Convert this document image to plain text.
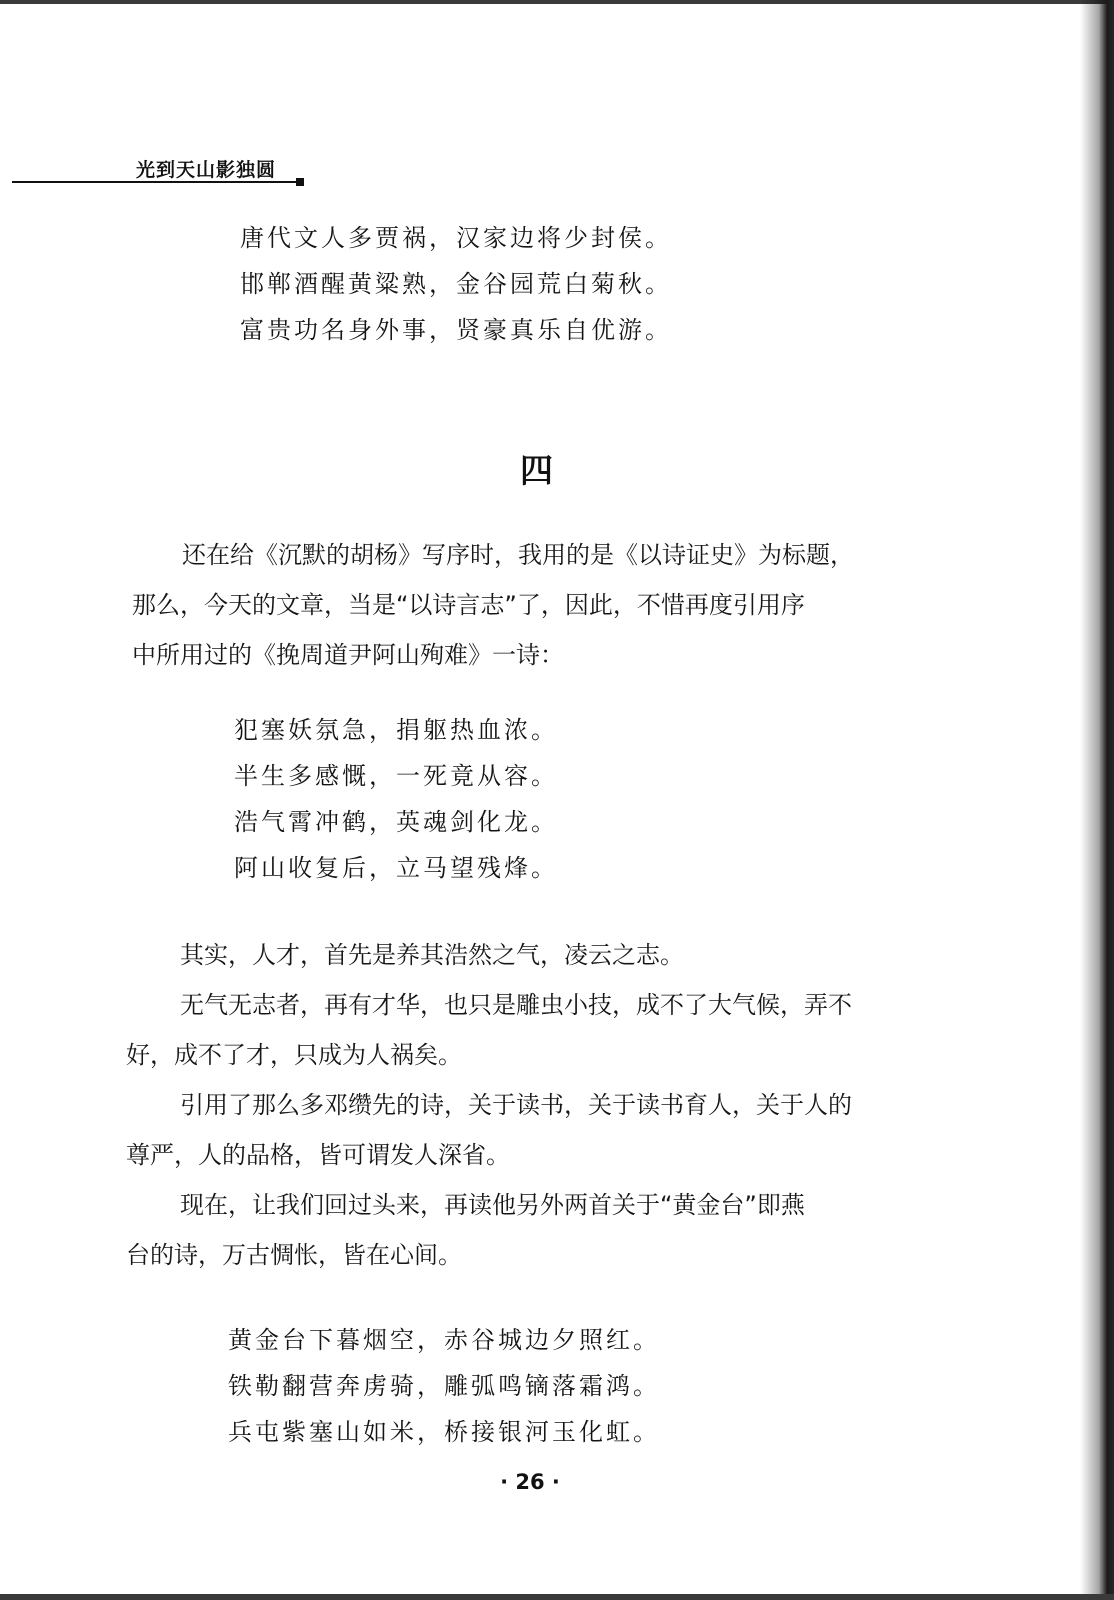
光到天山影独圆
唐代文人多贾祸，汉家边将少封侯。
邯郸酒醒黄粱熟，金谷园荒白菊秋。
富贵功名身外事，贤豪真乐自优游。
四
还在给《沉默的胡杨》写序时，我用的是《以诗证史》为标题，
那么，今天的文章，当是“以诗言志”了，因此，不惜再度引用序
中所用过的《挽周道尹阿山殉难》一诗：
犯塞妖氛急，捐躯热血浓。
半生多感慨，一死竟从容。
浩气霄冲鹤，英魂剑化龙。
阿山收复后，立马望残烽。
其实，人才，首先是养其浩然之气，凌云之志。
无气无志者，再有才华，也只是雕虫小技，成不了大气候，弄不
好，成不了才，只成为人祸矣。
引用了那么多邓缵先的诗，关于读书，关于读书育人，关于人的
尊严，人的品格，皆可谓发人深省。
现在，让我们回过头来，再读他另外两首关于“黄金台”即燕
台的诗，万古惆怅，皆在心间。
黄金台下暮烟空，赤谷城边夕照红。
铁勒翻营奔虏骑，雕弧鸣镝落霜鸿。
兵屯紫塞山如米，桥接银河玉化虹。
· 26 ·
